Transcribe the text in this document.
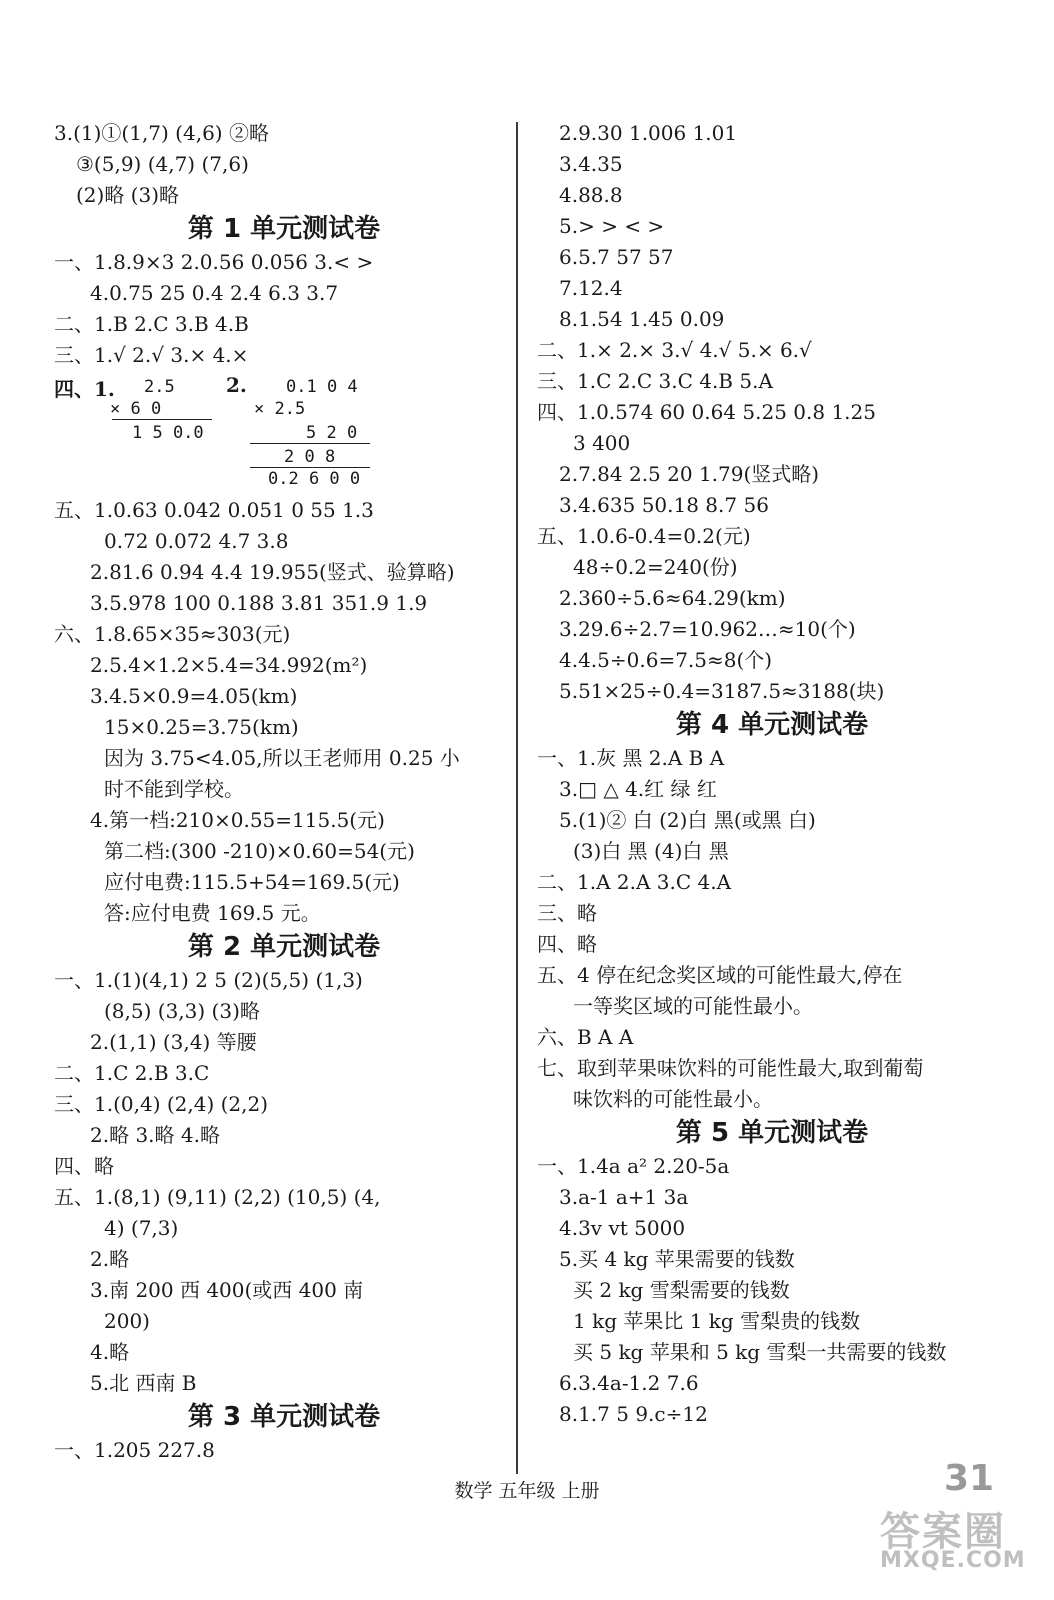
3.(1)①(1,7) (4,6) ②略
③(5,9) (4,7) (7,6)
(2)略 (3)略
第 1 单元测试卷
一、1.8.9×3 2.0.56 0.056 3.< >
4.0.75 25 0.4 2.4 6.3 3.7
二、1.B 2.C 3.B 4.B
三、1.√ 2.√ 3.× 4.×
四、1. 2.5
× 6 0
1 5 0.0
2. 0.1 0 4
× 2.5
5 2 0
2 0 8
0.2 6 0 0
五、1.0.63 0.042 0.051 0 55 1.3
0.72 0.072 4.7 3.8
2.81.6 0.94 4.4 19.955(竖式、验算略)
3.5.978 100 0.188 3.81 351.9 1.9
六、1.8.65×35≈303(元)
2.5.4×1.2×5.4=34.992(m²)
3.4.5×0.9=4.05(km)
15×0.25=3.75(km)
因为 3.75<4.05,所以王老师用 0.25 小
时不能到学校。
4.第一档:210×0.55=115.5(元)
第二档:(300 -210)×0.60=54(元)
应付电费:115.5+54=169.5(元)
答:应付电费 169.5 元。
第 2 单元测试卷
一、1.(1)(4,1) 2 5 (2)(5,5) (1,3)
(8,5) (3,3) (3)略
2.(1,1) (3,4) 等腰
二、1.C 2.B 3.C
三、1.(0,4) (2,4) (2,2)
2.略 3.略 4.略
四、略
五、1.(8,1) (9,11) (2,2) (10,5) (4,
4) (7,3)
2.略
3.南 200 西 400(或西 400 南
200)
4.略
5.北 西南 B
第 3 单元测试卷
一、1.205 227.8
2.9.30 1.006 1.01
3.4.35
4.88.8
5.> > < >
6.5.7 57 57
7.12.4
8.1.54 1.45 0.09
二、1.× 2.× 3.√ 4.√ 5.× 6.√
三、1.C 2.C 3.C 4.B 5.A
四、1.0.574 60 0.64 5.25 0.8 1.25
3 400
2.7.84 2.5 20 1.79(竖式略)
3.4.635 50.18 8.7 56
五、1.0.6-0.4=0.2(元)
48÷0.2=240(份)
2.360÷5.6≈64.29(km)
3.29.6÷2.7=10.962…≈10(个)
4.4.5÷0.6=7.5≈8(个)
5.51×25÷0.4=3187.5≈3188(块)
第 4 单元测试卷
一、1.灰 黑 2.A B A
3.□ △ 4.红 绿 红
5.(1)② 白 (2)白 黑(或黑 白)
(3)白 黑 (4)白 黑
二、1.A 2.A 3.C 4.A
三、略
四、略
五、4 停在纪念奖区域的可能性最大,停在
一等奖区域的可能性最小。
六、B A A
七、取到苹果味饮料的可能性最大,取到葡萄
味饮料的可能性最小。
第 5 单元测试卷
一、1.4a a² 2.20-5a
3.a-1 a+1 3a
4.3v vt 5000
5.买 4 kg 苹果需要的钱数
买 2 kg 雪梨需要的钱数
1 kg 苹果比 1 kg 雪梨贵的钱数
买 5 kg 苹果和 5 kg 雪梨一共需要的钱数
6.3.4a-1.2 7.6
8.1.7 5 9.c÷12
数学 五年级 上册	31
答案圈
MXQE.COM
